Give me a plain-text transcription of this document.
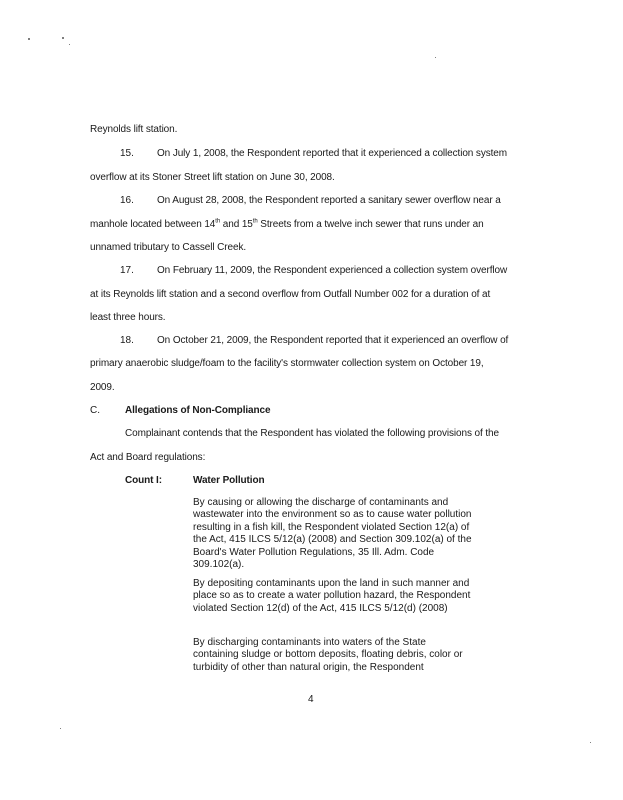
Reynolds lift station.
15. On July 1, 2008, the Respondent reported that it experienced a collection system
overflow at its Stoner Street lift station on June 30, 2008.
16. On August 28, 2008, the Respondent reported a sanitary sewer overflow near a
manhole located between 14th and 15th Streets from a twelve inch sewer that runs under an
unnamed tributary to Cassell Creek.
17. On February 11, 2009, the Respondent experienced a collection system overflow
at its Reynolds lift station and a second overflow from Outfall Number 002 for a duration of at
least three hours.
18. On October 21, 2009, the Respondent reported that it experienced an overflow of
primary anaerobic sludge/foam to the facility's stormwater collection system on October 19,
2009.
C.	Allegations of Non-Compliance
Complainant contends that the Respondent has violated the following provisions of the
Act and Board regulations:
Count I:	Water Pollution
By causing or allowing the discharge of contaminants and wastewater into the environment so as to cause water pollution resulting in a fish kill, the Respondent violated Section 12(a) of the Act, 415 ILCS 5/12(a) (2008) and Section 309.102(a) of the Board's Water Pollution Regulations, 35 Ill. Adm. Code 309.102(a).
By depositing contaminants upon the land in such manner and place so as to create a water pollution hazard, the Respondent violated Section 12(d) of the Act, 415 ILCS 5/12(d) (2008)
By discharging contaminants into waters of the State containing sludge or bottom deposits, floating debris, color or turbidity of other than natural origin, the Respondent
4
